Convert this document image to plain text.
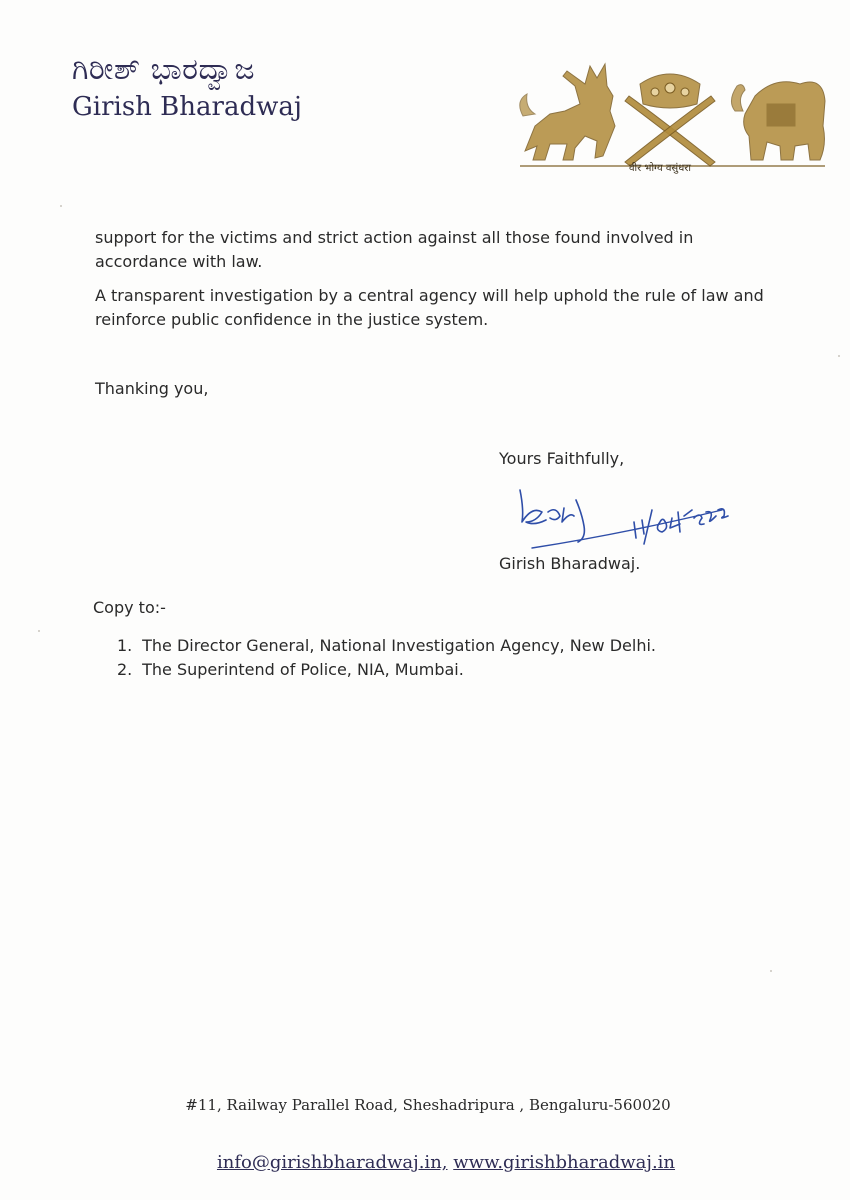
ಗಿರೀಶ್ ಭಾರದ್ವಾಜ
Girish Bharadwaj
वीर भोग्य वसुंधरा
support for the victims and strict action against all those found involved in accordance with law.
A transparent investigation by a central agency will help uphold the rule of law and reinforce public confidence in the justice system.
Thanking you,
Yours Faithfully,
Girish Bharadwaj.
Copy to:-
1. The Director General, National Investigation Agency, New Delhi.
2. The Superintend of Police, NIA, Mumbai.
#11, Railway Parallel Road, Sheshadripura , Bengaluru-560020
info@girishbharadwaj.in, www.girishbharadwaj.in
